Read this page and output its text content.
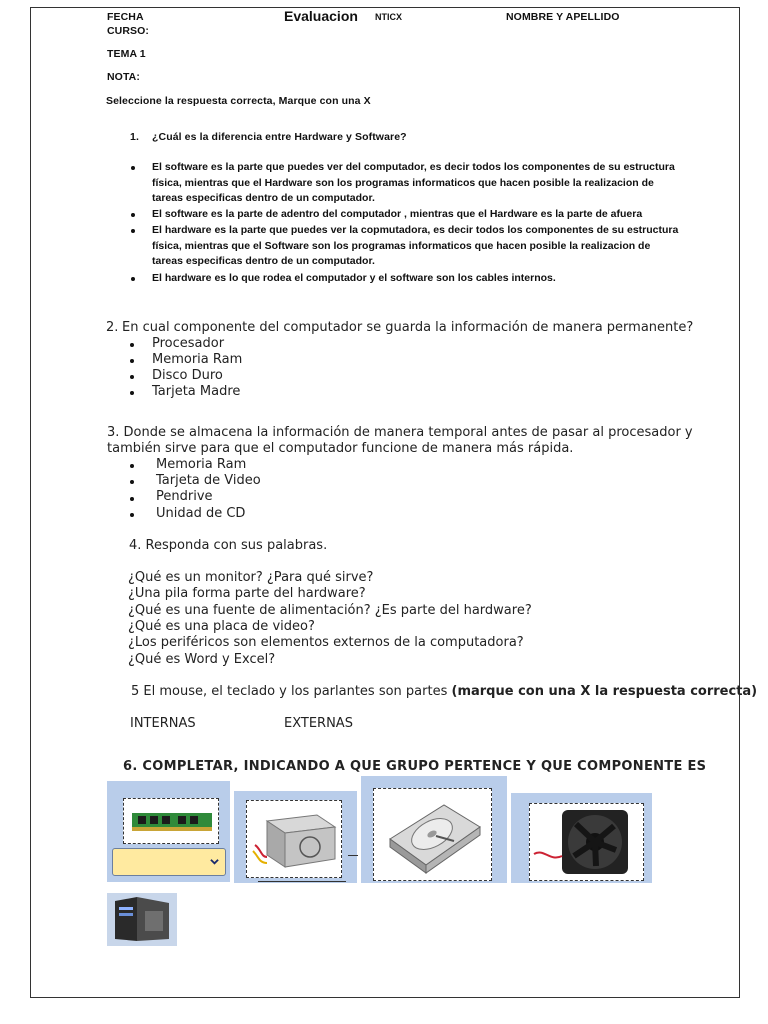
FECHA	Evaluacion NTICX	NOMBRE Y APELLIDO
CURSO:
TEMA 1
NOTA:
Seleccione la respuesta correcta, Marque con una X
1. ¿Cuál es la diferencia entre Hardware y Software?
El software es la parte que puedes ver del computador, es decir todos los componentes de su estructura
física, mientras que el Hardware son los programas informaticos que hacen posible la realizacion de
tareas especificas dentro de un computador.
El software es la parte de adentro del computador , mientras que el Hardware es la parte de afuera
El hardware es la parte que puedes ver la copmutadora, es decir todos los componentes de su estructura
física, mientras que el Software son los programas informaticos que hacen posible la realizacion de
tareas especificas dentro de un computador.
El hardware es lo que rodea el computador y el software son los cables internos.
2. En cual componente del computador se guarda la información de manera permanente?
Procesador
Memoria Ram
Disco Duro
Tarjeta Madre
3. Donde se almacena la información de manera temporal antes de pasar al procesador y
también sirve para que el computador funcione de manera más rápida.
Memoria Ram
Tarjeta de Video
Pendrive
Unidad de CD
4. Responda con sus palabras.
¿Qué es un monitor? ¿Para qué sirve?
¿Una pila forma parte del hardware?
¿Qué es una fuente de alimentación? ¿Es parte del hardware?
¿Qué es una placa de video?
¿Los periféricos son elementos externos de la computadora?
¿Qué es Word y Excel?
5 El mouse, el teclado y los parlantes son partes (marque con una X la respuesta correcta)
INTERNAS	EXTERNAS
6. COMPLETAR, INDICANDO A QUE GRUPO PERTENCE Y QUE COMPONENTE ES
